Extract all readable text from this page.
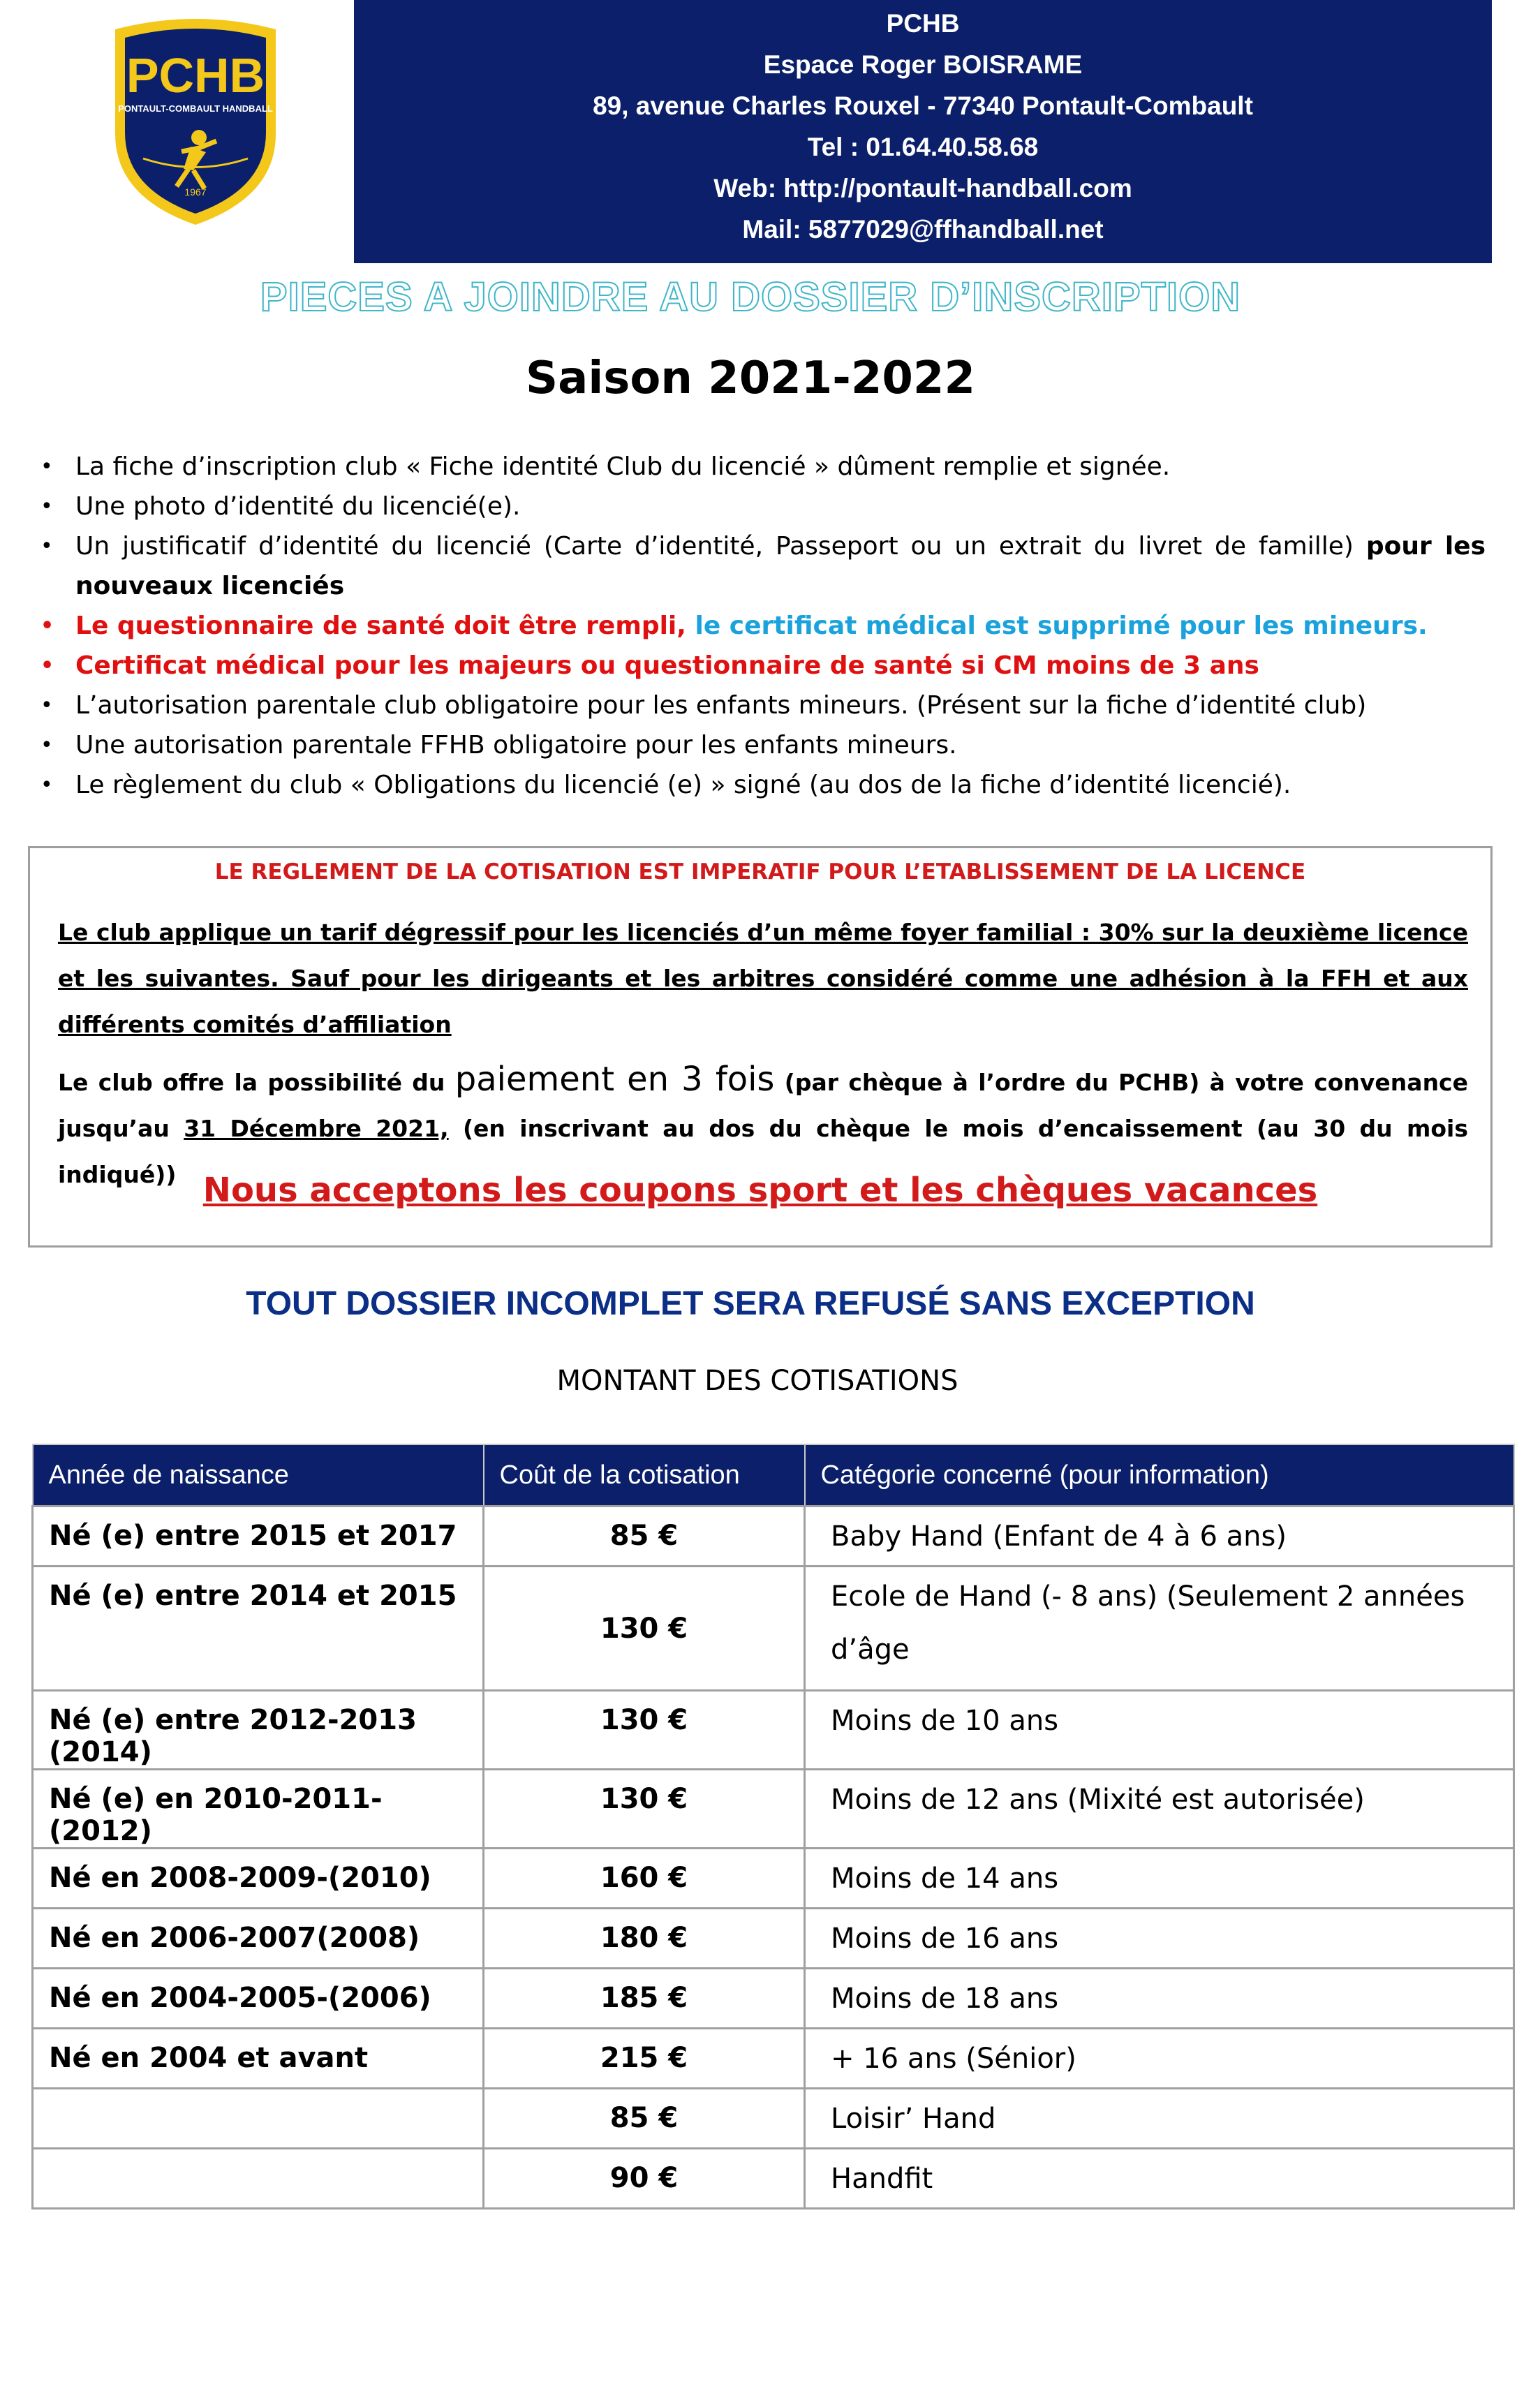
PCHB
PONTAULT-COMBAULT HANDBALL
1967
PCHB
Espace Roger BOISRAME
89, avenue Charles Rouxel - 77340 Pontault-Combault
Tel : 01.64.40.58.68
Web: http://pontault-handball.com
Mail: 5877029@ffhandball.net
PIECES A JOINDRE AU DOSSIER D’INSCRIPTION
Saison 2021-2022
• La fiche d’inscription club « Fiche identité Club du licencié » dûment remplie et signée.
• Une photo d’identité du licencié(e).
• Un justificatif d’identité du licencié (Carte d’identité, Passeport ou un extrait du livret de famille) pour les nouveaux licenciés
• Le questionnaire de santé doit être rempli, le certificat médical est supprimé pour les mineurs.
• Certificat médical pour les majeurs ou questionnaire de santé si CM moins de 3 ans
• L’autorisation parentale club obligatoire pour les enfants mineurs. (Présent sur la fiche d’identité club)
• Une autorisation parentale FFHB obligatoire pour les enfants mineurs.
• Le règlement du club « Obligations du licencié (e) » signé (au dos de la fiche d’identité licencié).
LE REGLEMENT DE LA COTISATION EST IMPERATIF POUR L’ETABLISSEMENT DE LA LICENCE
Le club applique un tarif dégressif pour les licenciés d’un même foyer familial : 30% sur la deuxième licence et les suivantes. Sauf pour les dirigeants et les arbitres considéré comme une adhésion à la FFH et aux différents comités d’affiliation
Le club offre la possibilité du paiement en 3 fois (par chèque à l’ordre du PCHB) à votre convenance jusqu’au 31 Décembre 2021, (en inscrivant au dos du chèque le mois d’encaissement (au 30 du mois indiqué)) Nous acceptons les coupons sport et les chèques vacances
TOUT DOSSIER INCOMPLET SERA REFUSÉ SANS EXCEPTION
MONTANT DES COTISATIONS
Année de naissance	Coût de la cotisation	Catégorie concerné (pour information)
Né (e) entre 2015 et 2017	85 €	Baby Hand (Enfant de 4 à 6 ans)
Né (e) entre 2014 et 2015	130 €	Ecole de Hand (- 8 ans) (Seulement 2 années d’âge
Né (e) entre 2012-2013 (2014)	130 €	Moins de 10 ans
Né (e) en 2010-2011-(2012)	130 €	Moins de 12 ans (Mixité est autorisée)
Né en 2008-2009-(2010)	160 €	Moins de 14 ans
Né en 2006-2007(2008)	180 €	Moins de 16 ans
Né en 2004-2005-(2006)	185 €	Moins de 18 ans
Né en 2004 et avant	215 €	+ 16 ans (Sénior)
	85 €	Loisir’ Hand
	90 €	Handfit
